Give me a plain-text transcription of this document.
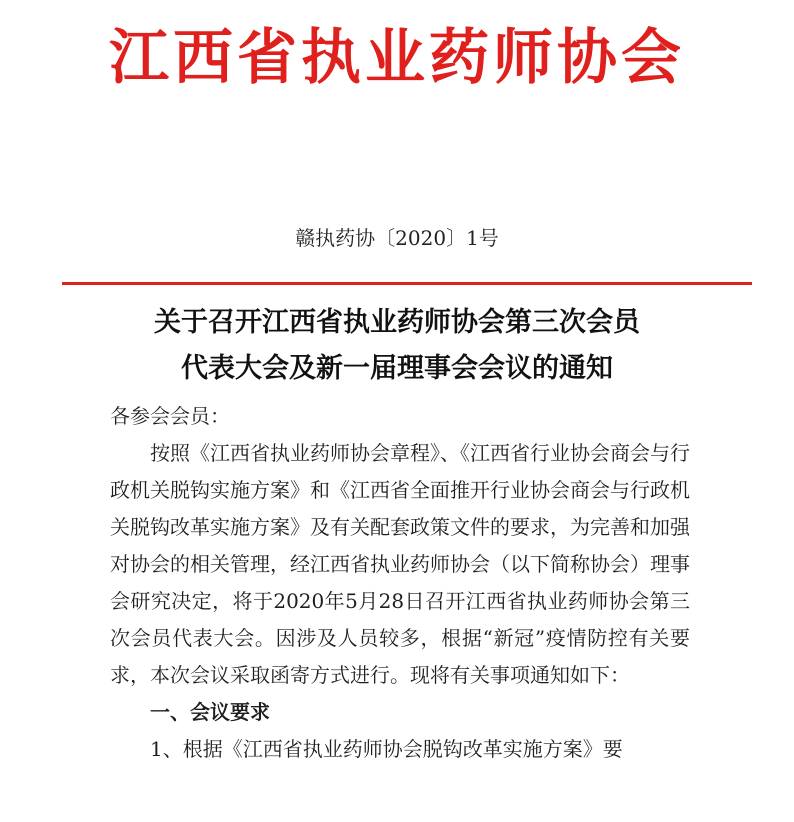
江西省执业药师协会
赣执药协〔2020〕1号
关于召开江西省执业药师协会第三次会员
代表大会及新一届理事会会议的通知

各参会会员：

按照《江西省执业药师协会章程》、《江西省行业协会商会与行政机关脱钩实施方案》和《江西省全面推开行业协会商会与行政机关脱钩改革实施方案》及有关配套政策文件的要求，为完善和加强对协会的相关管理，经江西省执业药师协会（以下简称协会）理事会研究决定，将于2020年5月28日召开江西省执业药师协会第三次会员代表大会。因涉及人员较多，根据“新冠”疫情防控有关要求，本次会议采取函寄方式进行。现将有关事项通知如下：

一、会议要求

1、根据《江西省执业药师协会脱钩改革实施方案》要
